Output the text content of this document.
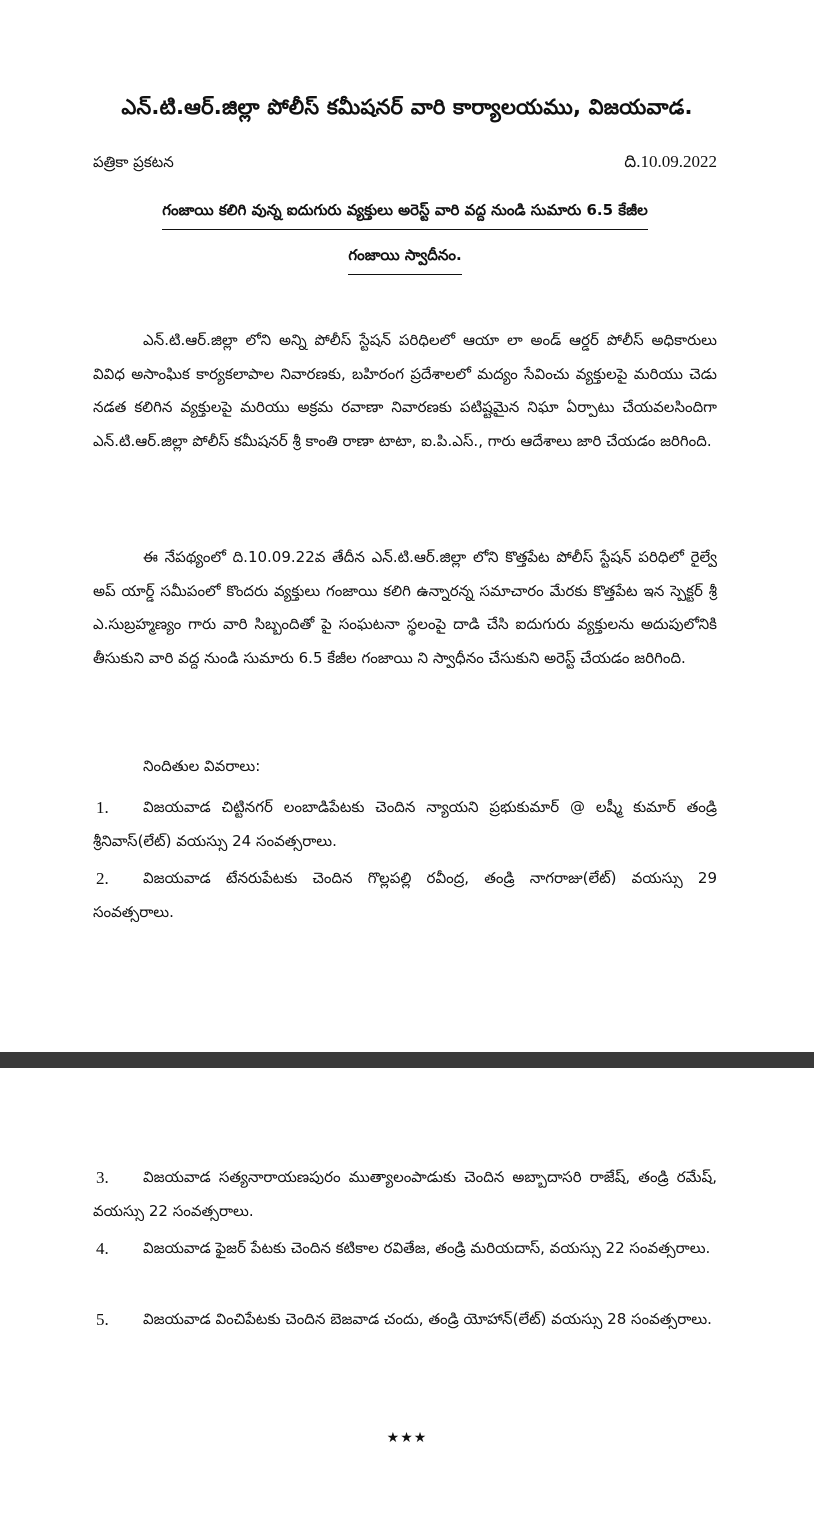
ఎన్.టి.ఆర్.జిల్లా పోలీస్ కమీషనర్ వారి కార్యాలయము, విజయవాడ.
పత్రికా ప్రకటన	ది.10.09.2022
గంజాయి కలిగి వున్న ఐదుగురు వ్యక్తులు అరెస్ట్ వారి వద్ద నుండి సుమారు 6.5 కేజీల
గంజాయి స్వాదీనం.

ఎన్.టి.ఆర్.జిల్లా లోని అన్ని పోలీస్ స్టేషన్ పరిధిలలో ఆయా లా అండ్ ఆర్డర్ పోలీస్ అధికారులు వివిధ అసాంఘిక కార్యకలాపాల నివారణకు, బహిరంగ ప్రదేశాలలో మద్యం సేవించు వ్యక్తులపై మరియు చెడు నడత కలిగిన వ్యక్తులపై మరియు అక్రమ రవాణా నివారణకు పటిష్టమైన నిఘా ఏర్పాటు చేయవలసిందిగా ఎన్.టి.ఆర్.జిల్లా పోలీస్ కమీషనర్ శ్రీ కాంతి రాణా టాటా, ఐ.పి.ఎస్., గారు ఆదేశాలు జారి చేయడం జరిగింది.

ఈ నేపథ్యంలో ది.10.09.22వ తేదీన ఎన్.టి.ఆర్.జిల్లా లోని కొత్తపేట పోలీస్ స్టేషన్ పరిధిలో రైల్వే అప్ యార్డ్ సమీపంలో కొందరు వ్యక్తులు గంజాయి కలిగి ఉన్నారన్న సమాచారం మేరకు కొత్తపేట ఇన స్పెక్టర్ శ్రీ ఎ.సుబ్రహ్మణ్యం గారు వారి సిబ్బందితో పై సంఘటనా స్థలంపై దాడి చేసి ఐదుగురు వ్యక్తులను అదుపులోనికి తీసుకుని వారి వద్ద నుండి సుమారు 6.5 కేజీల గంజాయి ని స్వాధీనం చేసుకుని అరెస్ట్ చేయడం జరిగింది.

నిందితుల వివరాలు:
1.	విజయవాడ చిట్టినగర్ లంబాడిపేటకు చెందిన న్యాయని ప్రభుకుమార్ @ లష్మీ కుమార్ తండ్రి శ్రీనివాస్(లేట్) వయస్సు 24 సంవత్సరాలు.
2.	విజయవాడ టేనరుపేటకు చెందిన గొల్లపల్లి రవీంద్ర, తండ్రి నాగరాజు(లేట్) వయస్సు 29 సంవత్సరాలు.
3.	విజయవాడ సత్యనారాయణపురం ముత్యాలంపాడుకు చెందిన అబ్బాదాసరి రాజేష్, తండ్రి రమేష్, వయస్సు 22 సంవత్సరాలు.
4.	విజయవాడ ఫైజర్ పేటకు చెందిన కటికాల రవితేజ, తండ్రి మరియదాస్, వయస్సు 22 సంవత్సరాలు.
5.	విజయవాడ వించిపేటకు చెందిన బెజవాడ చందు, తండ్రి యోహాన్(లేట్) వయస్సు 28 సంవత్సరాలు.
★★★
